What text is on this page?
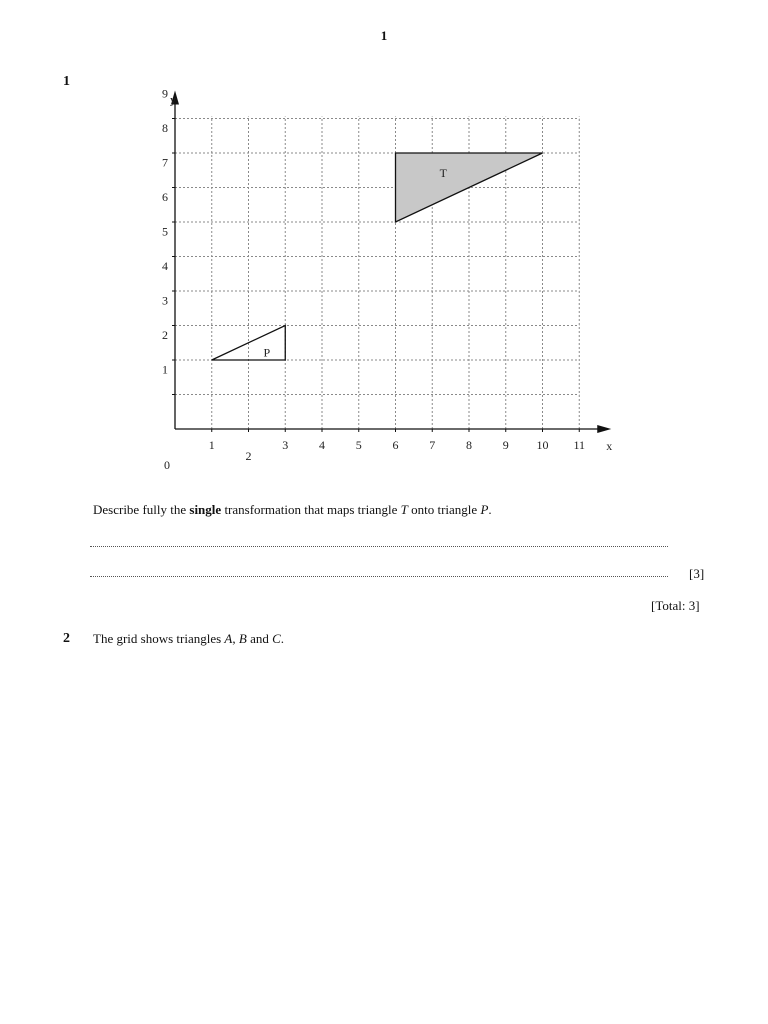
1
1
1
2
3	4	5	6	7	8	9 10 11
1
2
3
4
5
6
7
8
9
x
y
0
T
P
Describe fully the single transformation that maps triangle T onto triangle P.
[3]
[Total: 3]
2 The grid shows triangles A, B and C.
